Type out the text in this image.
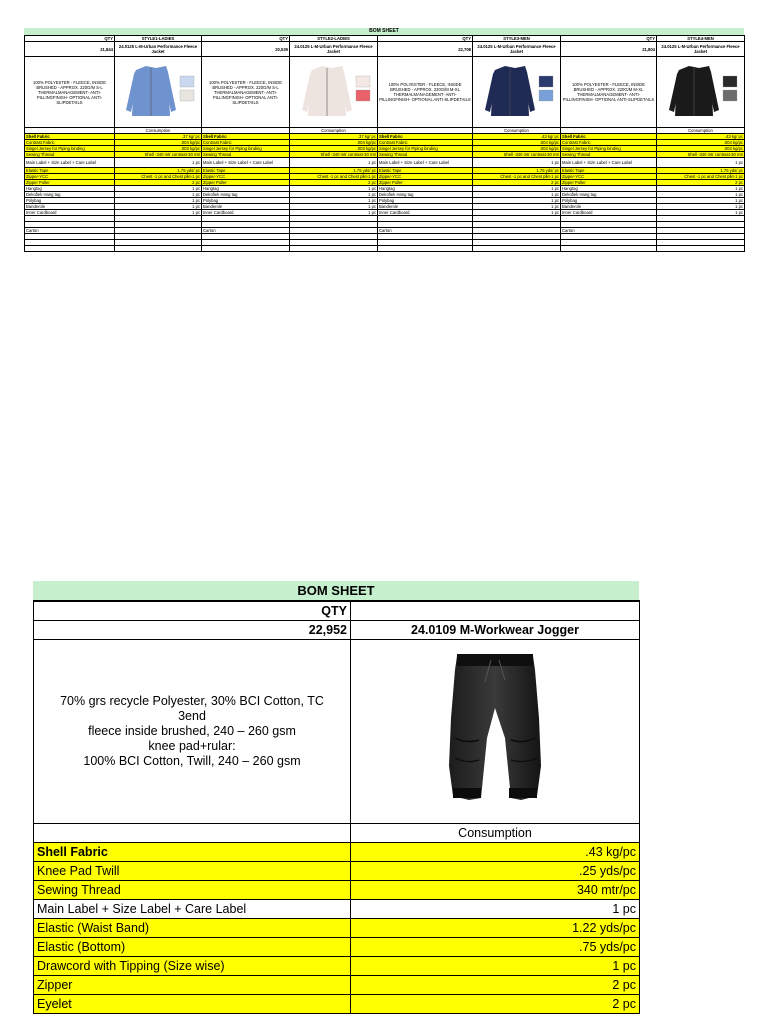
BOM SHEET
QTY	STYLE1-LADIES	QTY	STYLE2-LADIES	QTY	STYLE3-MEN	QTY	STYLE4-MEN
21,844	24.0125 L-M-Urban Performance Fleece Jacket	20,539	24.0125 L-M-Urban Performance Fleece Jacket	22,708	24.0125 L-M-Urban Performance Fleece Jacket	21,804	24.0125 L-M-Urban Performance Fleece Jacket

100% POLYESTER - FLEECE, INSIDE BRUSHED - APPROX. 220G/M S-L THERMALMANAGEMENT- ANTI-PILLINGFINISH- OPTIONAL ANTI-SLIPDETAILS		100% POLYESTER - FLEECE, INSIDE BRUSHED - APPROX. 220G/M S-L THERMALMANAGEMENT- ANTI-PILLINGFINISH- OPTIONAL ANTI-SLIPDETAILS		100% POLYESTER - FLEECE, INSIDE BRUSHED - APPROX. 220G/M M-XL THERMALMANAGEMENT- ANTI-PILLINGFINISH- OPTIONAL ANTI-SLIPDETAILS		100% POLYESTER - FLEECE, INSIDE BRUSHED - APPROX. 220G/M M-XL THERMALMANAGEMENT- ANTI-PILLINGFINISH- OPTIONAL ANTI-SLIPDETAILS

	Consumption		Consumption		Consumption		Consumption
Shell Fabric	.37 kg/ pc	Shell Fabric	.37 kg/ pc	Shell Fabric	.43 kg/ pc	Shell Fabric	.43 kg/ pc
Contrast Fabric	.004 kg/pc	Contrast Fabric	.004 kg/pc	Contrast Fabric	.004 kg/pc	Contrast Fabric	.004 kg/pc
Singel Jersey for Piping binding	.003 kg/pc	Singel Jersey for Piping binding	.003 kg/pc	Singel Jersey for Piping binding	.003 kg/pc	Singel Jersey for Piping binding	.003 kg/pc
Sewing Thread	Shell -340 mtr contrast-30 mtr	Sewing Thread	Shell -340 mtr contrast-30 mtr	Sewing Thread	Shell -340 mtr contrast-30 mtr	Sewing Thread	Shell -340 mtr contrast-30 mtr
Main Label + Size Label + Care Label	1 pc	Main Label + Size Label + Care Label	1 pc	Main Label + Size Label + Care Label	1 pc	Main Label + Size Label + Care Label	1 pc
Elastic Tape	1.75 yds/ pc	Elastic Tape	1.75 yds/ pc	Elastic Tape	1.75 yds/ pc	Elastic Tape	1.75 yds/ pc
Zipper-YCC	Chest -1 pc and Chest plkt-1 pc	Zipper-YCC	Chest -1 pc and Chest plkt-1 pc	Zipper-YCC	Chest -1 pc and Chest plkt-1 pc	Zipper-YCC	Chest -1 pc and Chest plkt-1 pc
Zipper Puller	2 pc	Zipper Puller	2 pc	Zipper Puller	2 pc	Zipper Puller	2 pc
Hangtag	1 pc	Hangtag	1 pc	Hangtag	1 pc	Hangtag	1 pc
Dekofiek Hang tag	1 pc	Dekofiek Hang tag	1 pc	Dekofiek Hang tag	1 pc	Dekofiek Hang tag	1 pc
Polybag	1 pc	Polybag	1 pc	Polybag	1 pc	Polybag	1 pc
Banderole	1 pc	Banderole	1 pc	Banderole	1 pc	Banderole	1 pc
Inner Cardboard	1 pc	Inner Cardboard	1 pc	Inner Cardboard	1 pc	Inner Cardboard	1 pc

Carton		Carton		Carton		Carton	

BOM SHEET
QTY	
22,952	24.0109 M-Workwear Jogger

70% grs recycle Polyester, 30% BCI Cotton, TC 3end
fleece inside brushed, 240 – 260 gsm
knee pad+rular:
100% BCI Cotton, Twill, 240 – 260 gsm

	Consumption
Shell Fabric	.43 kg/pc
Knee Pad Twill	.25 yds/pc
Sewing Thread	340 mtr/pc
Main Label + Size Label + Care Label	1 pc
Elastic (Waist Band)	1.22 yds/pc
Elastic (Bottom)	.75 yds/pc
Drawcord with Tipping (Size wise)	1 pc
Zipper	2 pc
Eyelet	2 pc
